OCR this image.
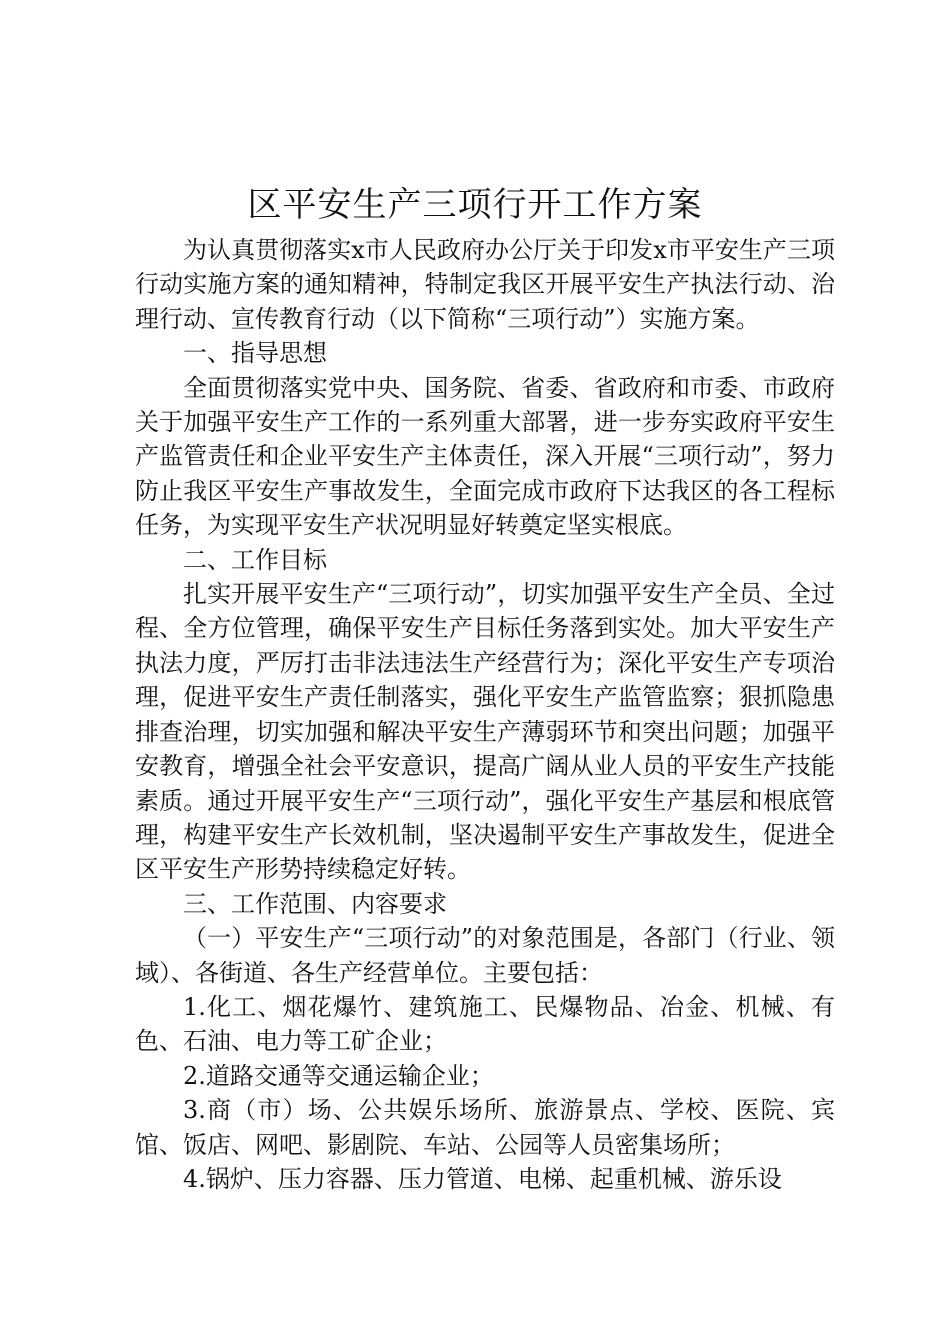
区平安生产三项行开工作方案

为认真贯彻落实x市人民政府办公厅关于印发x市平安生产三项行动实施方案的通知精神，特制定我区开展平安生产执法行动、治理行动、宣传教育行动（以下简称“三项行动”）实施方案。

一、指导思想

全面贯彻落实党中央、国务院、省委、省政府和市委、市政府关于加强平安生产工作的一系列重大部署，进一步夯实政府平安生产监管责任和企业平安生产主体责任，深入开展“三项行动”，努力防止我区平安生产事故发生，全面完成市政府下达我区的各工程标任务，为实现平安生产状况明显好转奠定坚实根底。

二、工作目标

扎实开展平安生产“三项行动”，切实加强平安生产全员、全过程、全方位管理，确保平安生产目标任务落到实处。加大平安生产执法力度，严厉打击非法违法生产经营行为；深化平安生产专项治理，促进平安生产责任制落实，强化平安生产监管监察；狠抓隐患排查治理，切实加强和解决平安生产薄弱环节和突出问题；加强平安教育，增强全社会平安意识，提高广阔从业人员的平安生产技能素质。通过开展平安生产“三项行动”，强化平安生产基层和根底管理，构建平安生产长效机制，坚决遏制平安生产事故发生，促进全区平安生产形势持续稳定好转。

三、工作范围、内容要求

（一）平安生产“三项行动”的对象范围是，各部门（行业、领域）、各街道、各生产经营单位。主要包括：

1.化工、烟花爆竹、建筑施工、民爆物品、冶金、机械、有色、石油、电力等工矿企业；

2.道路交通等交通运输企业；

3.商（市）场、公共娱乐场所、旅游景点、学校、医院、宾馆、饭店、网吧、影剧院、车站、公园等人员密集场所；

4.锅炉、压力容器、压力管道、电梯、起重机械、游乐设
